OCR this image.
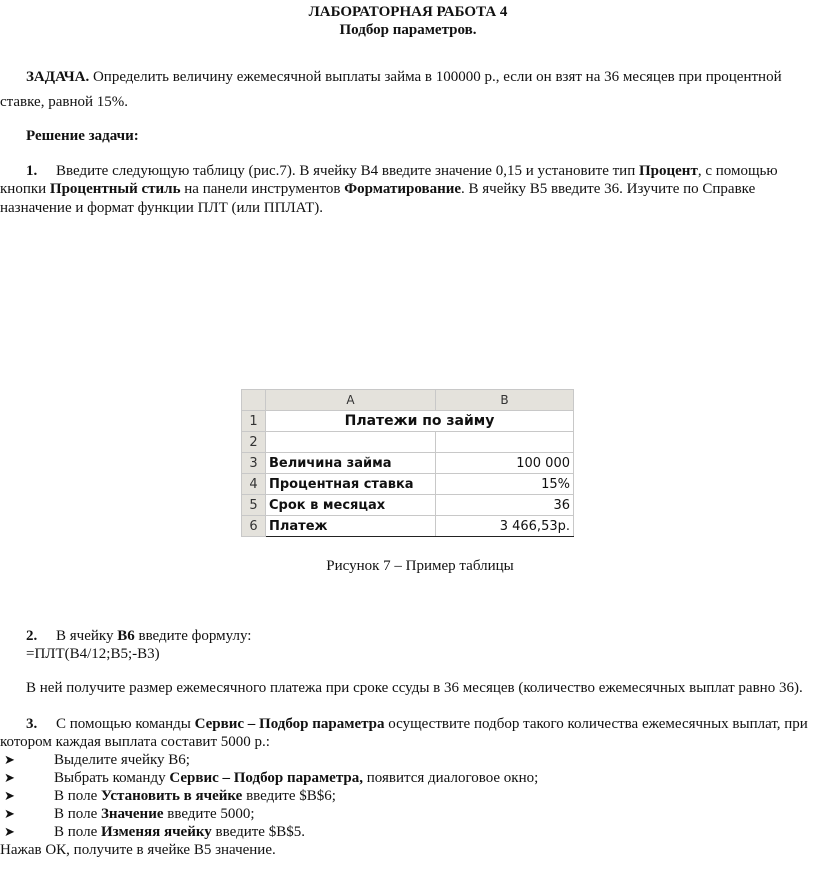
ЛАБОРАТОРНАЯ РАБОТА 4
Подбор параметров.
ЗАДАЧА. Определить величину ежемесячной выплаты займа в 100000 р., если он взят на 36 месяцев при процентной
ставке, равной 15%.
Решение задачи:
1. Введите следующую таблицу (рис.7). В ячейку B4 введите значение 0,15 и установите тип Процент, с помощью
кнопки Процентный стиль на панели инструментов Форматирование. В ячейку B5 введите 36. Изучите по Справке
назначение и формат функции ПЛТ (или ППЛАТ).
	A	B
1	Платежи по займу	
2		
3	Величина займа	100 000
4	Процентная ставка	15%
5	Срок в месяцах	36
6	Платеж	3 466,53р.
Рисунок 7 – Пример таблицы
2. В ячейку B6 введите формулу:
=ПЛТ(B4/12;B5;-B3)
В ней получите размер ежемесячного платежа при сроке ссуды в 36 месяцев (количество ежемесячных выплат равно 36).
3. С помощью команды Сервис – Подбор параметра осуществите подбор такого количества ежемесячных выплат, при
котором каждая выплата составит 5000 р.:
➤	Выделите ячейку B6;
➤	Выбрать команду Сервис – Подбор параметра, появится диалоговое окно;
➤	В поле Установить в ячейке введите $B$6;
➤	В поле Значение введите 5000;
➤	В поле Изменяя ячейку введите $B$5.
Нажав ОК, получите в ячейке B5 значение.
